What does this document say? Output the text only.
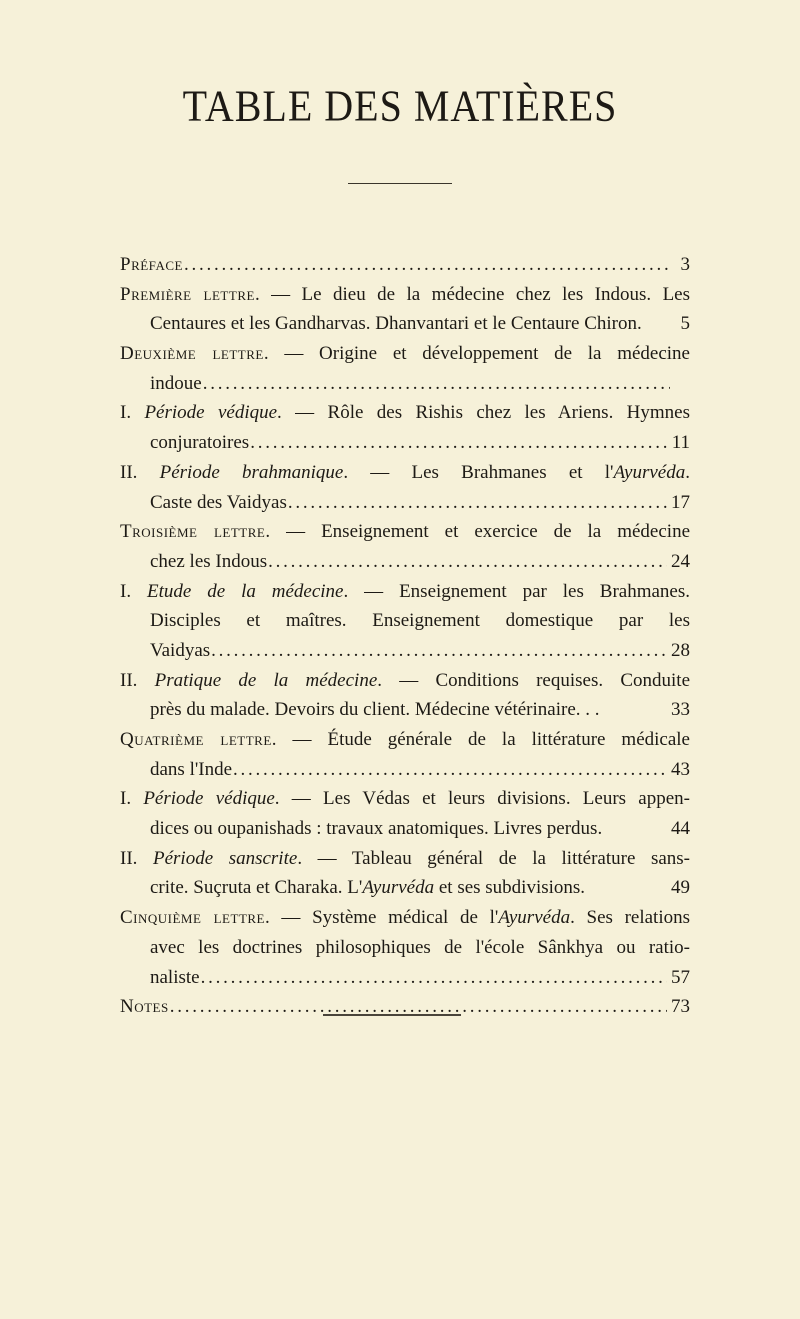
TABLE DES MATIÈRES
Préface . . .	3
Première lettre. — Le dieu de la médecine chez les Indous. Les
Centaures et les Gandharvas. Dhanvantari et le Centaure Chiron.	5
Deuxième lettre. — Origine et développement de la médecine
indoue
. . .
I. Période védique. — Rôle des Rishis chez les Ariens. Hymnes
conjuratoires . . .	11
II. Période brahmanique. — Les Brahmanes et l'Ayurvéda.
Caste des Vaidyas . . .	17
Troisième lettre. — Enseignement et exercice de la médecine
chez les Indous . . .	24
I. Etude de la médecine. — Enseignement par les Brahmanes.
Disciples et maîtres. Enseignement domestique par les
Vaidyas . . .	28
II. Pratique de la médecine. — Conditions requises. Conduite
près du malade. Devoirs du client. Médecine vétérinaire. . .	33
Quatrième lettre. — Étude générale de la littérature médicale
dans l'Inde . . .	43
I. Période védique. — Les Védas et leurs divisions. Leurs appen-
dices ou oupanishads : travaux anatomiques. Livres perdus.	44
II. Période sanscrite. — Tableau général de la littérature sans-
crite. Suçruta et Charaka. L'Ayurvéda et ses subdivisions.	49
Cinquième lettre. — Système médical de l'Ayurvéda. Ses relations
avec les doctrines philosophiques de l'école Sânkhya ou ratio-
naliste . . .	57
Notes . . .	73
